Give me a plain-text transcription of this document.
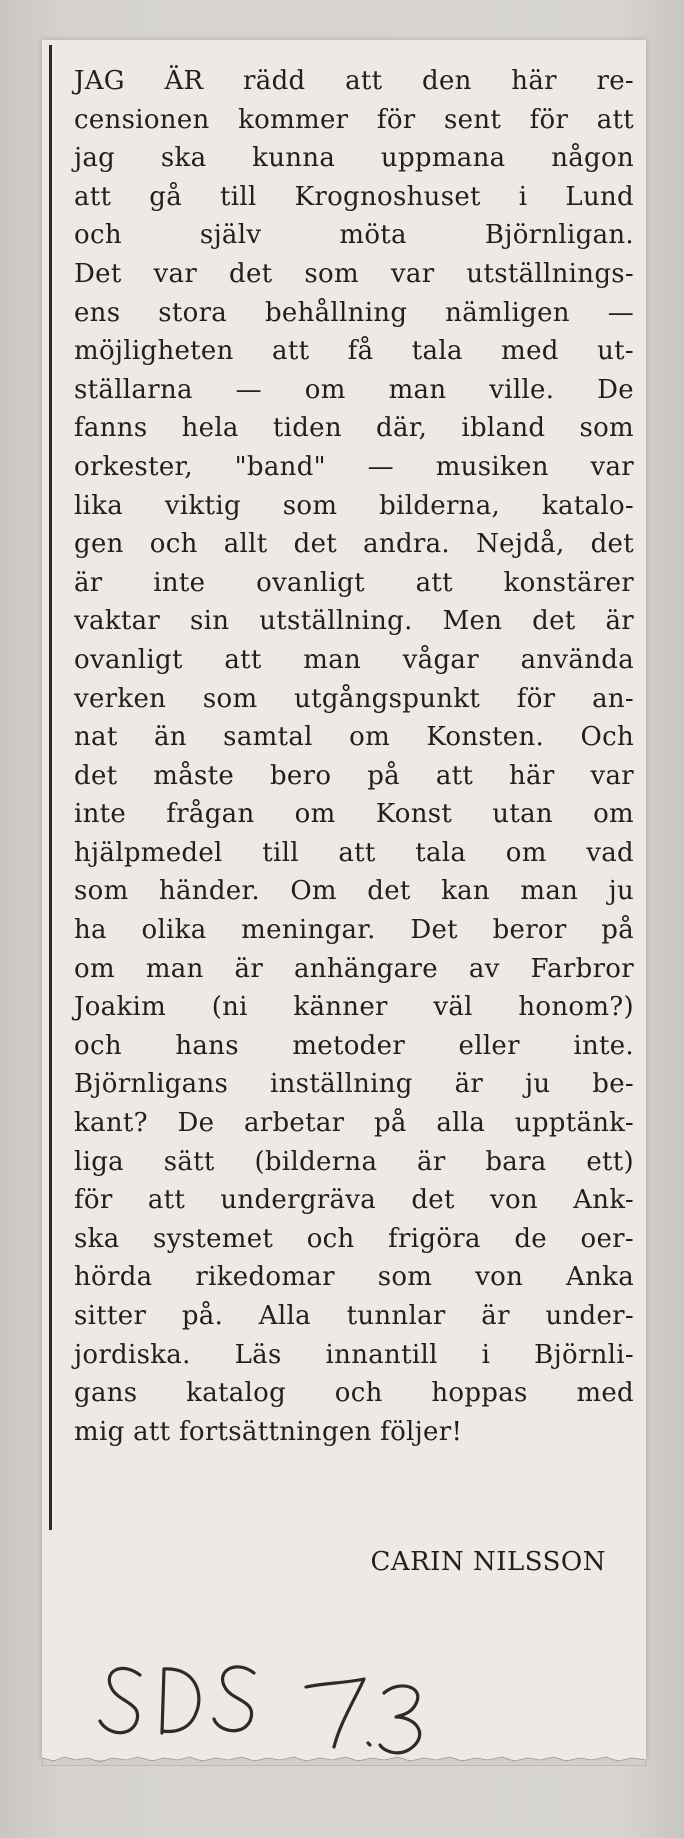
JAG ÄR rädd att den här re-
censionen kommer för sent för att
jag ska kunna uppmana någon
att gå till Krognoshuset i Lund
och själv möta Björnligan.
Det var det som var utställnings-
ens stora behållning nämligen —
möjligheten att få tala med ut-
ställarna — om man ville. De
fanns hela tiden där, ibland som
orkester, "band" — musiken var
lika viktig som bilderna, katalo-
gen och allt det andra. Nejdå, det
är inte ovanligt att konstärer
vaktar sin utställning. Men det är
ovanligt att man vågar använda
verken som utgångspunkt för an-
nat än samtal om Konsten. Och
det måste bero på att här var
inte frågan om Konst utan om
hjälpmedel till att tala om vad
som händer. Om det kan man ju
ha olika meningar. Det beror på
om man är anhängare av Farbror
Joakim (ni känner väl honom?)
och hans metoder eller inte.
Björnligans inställning är ju be-
kant? De arbetar på alla upptänk-
liga sätt (bilderna är bara ett)
för att undergräva det von Ank-
ska systemet och frigöra de oer-
hörda rikedomar som von Anka
sitter på. Alla tunnlar är under-
jordiska. Läs innantill i Björnli-
gans katalog och hoppas med
mig att fortsättningen följer!
CARIN NILSSON
